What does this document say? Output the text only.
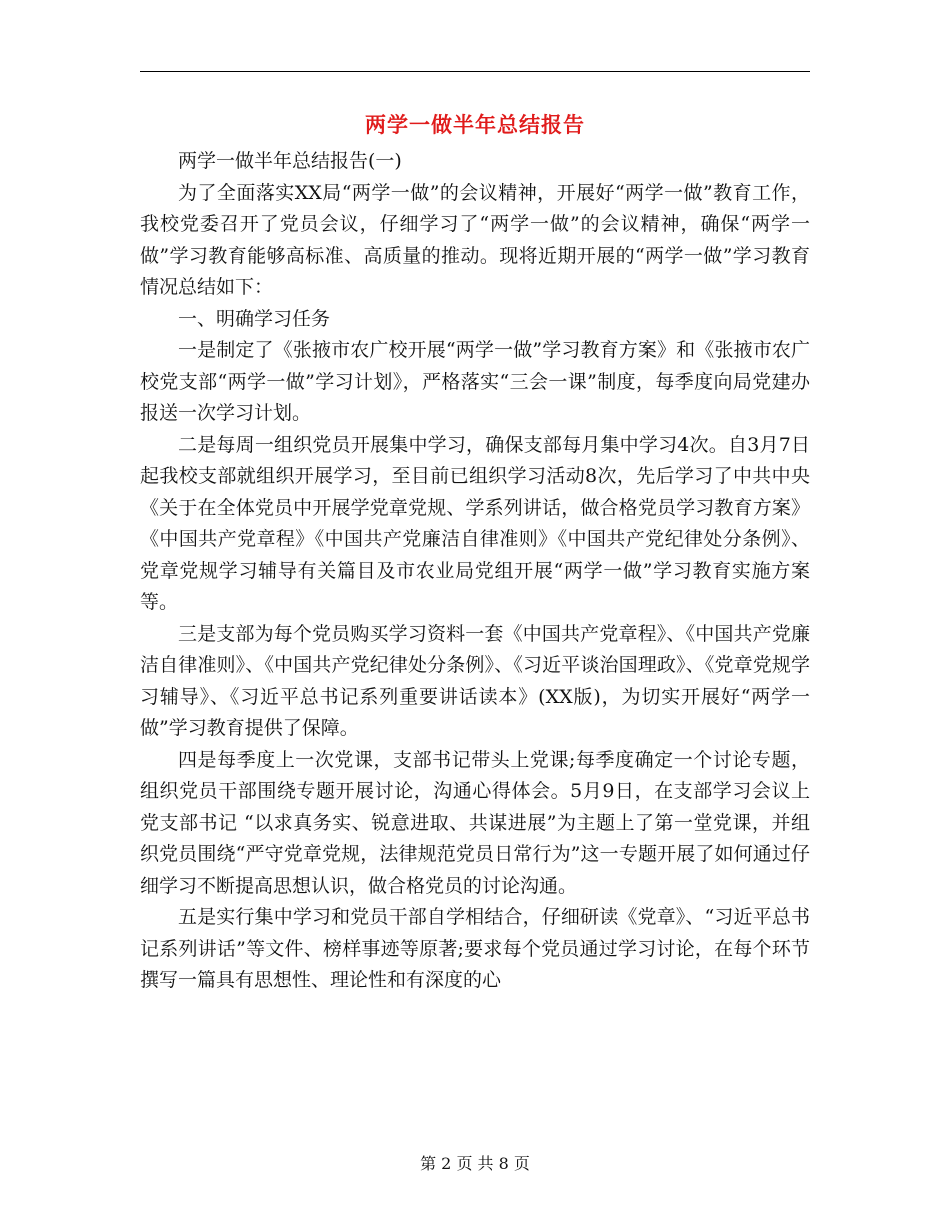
两学一做半年总结报告

两学一做半年总结报告(一)

为了全面落实XX局“两学一做”的会议精神，开展好“两学一做”教育工作，我校党委召开了党员会议，仔细学习了“两学一做”的会议精神，确保“两学一做”学习教育能够高标准、高质量的推动。现将近期开展的“两学一做”学习教育情况总结如下：

一、明确学习任务

一是制定了《张掖市农广校开展“两学一做”学习教育方案》和《张掖市农广校党支部“两学一做”学习计划》，严格落实“三会一课”制度，每季度向局党建办报送一次学习计划。

二是每周一组织党员开展集中学习，确保支部每月集中学习4次。自3月7日起我校支部就组织开展学习，至目前已组织学习活动8次，先后学习了中共中央《关于在全体党员中开展学党章党规、学系列讲话，做合格党员学习教育方案》《中国共产党章程》《中国共产党廉洁自律准则》《中国共产党纪律处分条例》、党章党规学习辅导有关篇目及市农业局党组开展“两学一做”学习教育实施方案等。

三是支部为每个党员购买学习资料一套《中国共产党章程》、《中国共产党廉洁自律准则》、《中国共产党纪律处分条例》、《习近平谈治国理政》、《党章党规学习辅导》、《习近平总书记系列重要讲话读本》(XX版)，为切实开展好“两学一做”学习教育提供了保障。

四是每季度上一次党课，支部书记带头上党课;每季度确定一个讨论专题，组织党员干部围绕专题开展讨论，沟通心得体会。5月9日，在支部学习会议上党支部书记 “以求真务实、锐意进取、共谋进展”为主题上了第一堂党课，并组织党员围绕“严守党章党规，法律规范党员日常行为”这一专题开展了如何通过仔细学习不断提高思想认识，做合格党员的讨论沟通。

五是实行集中学习和党员干部自学相结合，仔细研读《党章》、“习近平总书记系列讲话”等文件、榜样事迹等原著;要求每个党员通过学习讨论，在每个环节撰写一篇具有思想性、理论性和有深度的心

第 2 页 共 8 页
